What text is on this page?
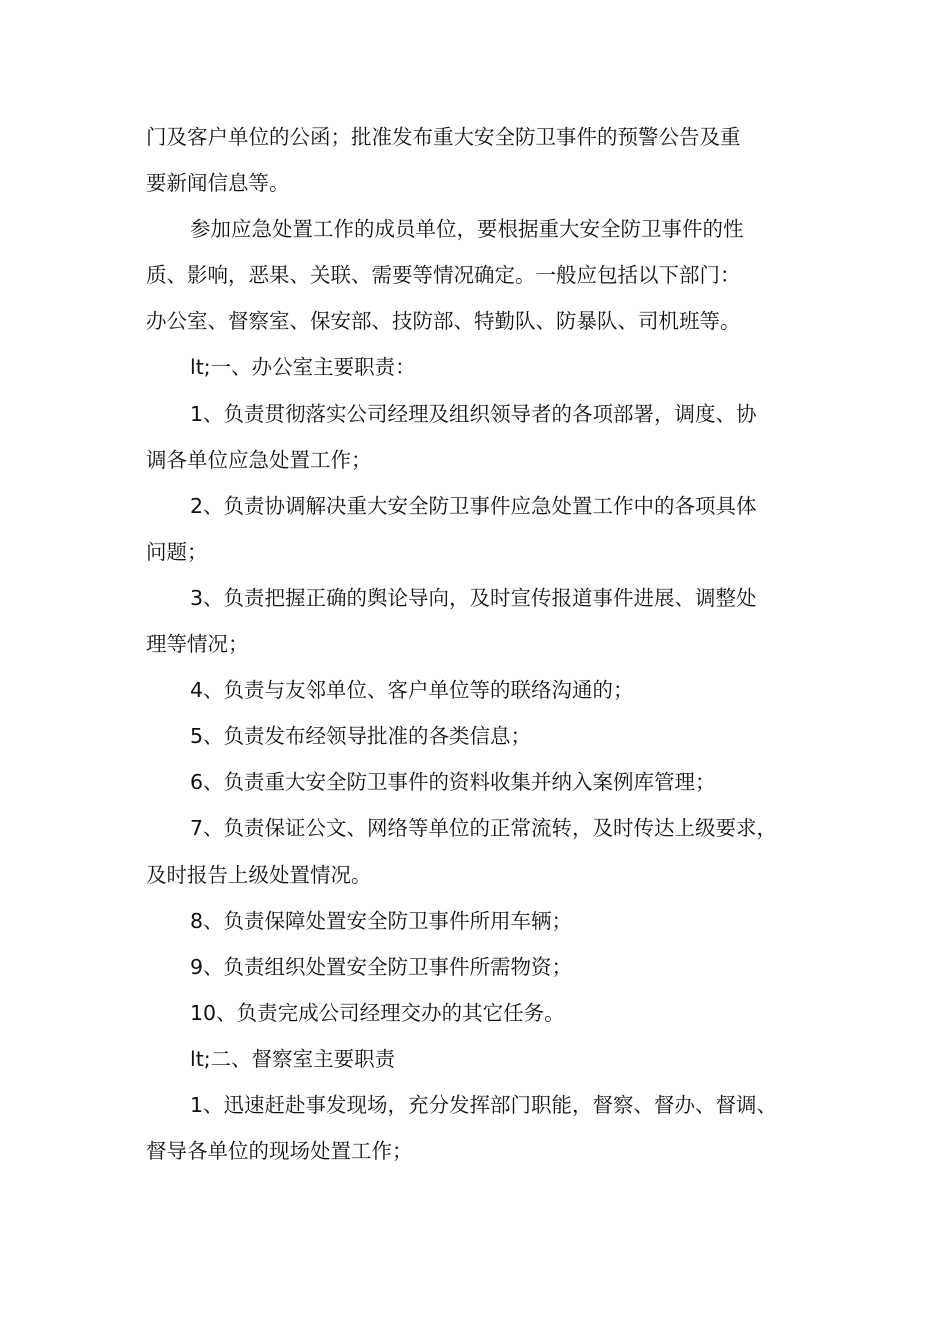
门及客户单位的公函；批准发布重大安全防卫事件的预警公告及重
要新闻信息等。
参加应急处置工作的成员单位，要根据重大安全防卫事件的性
质、影响，恶果、关联、需要等情况确定。一般应包括以下部门：
办公室、督察室、保安部、技防部、特勤队、防暴队、司机班等。
lt;一、办公室主要职责：
1、负责贯彻落实公司经理及组织领导者的各项部署，调度、协
调各单位应急处置工作；
2、负责协调解决重大安全防卫事件应急处置工作中的各项具体
问题；
3、负责把握正确的舆论导向，及时宣传报道事件进展、调整处
理等情况；
4、负责与友邻单位、客户单位等的联络沟通的；
5、负责发布经领导批准的各类信息；
6、负责重大安全防卫事件的资料收集并纳入案例库管理；
7、负责保证公文、网络等单位的正常流转，及时传达上级要求，
及时报告上级处置情况。
8、负责保障处置安全防卫事件所用车辆；
9、负责组织处置安全防卫事件所需物资；
10、负责完成公司经理交办的其它任务。
lt;二、督察室主要职责
1、迅速赶赴事发现场，充分发挥部门职能，督察、督办、督调、
督导各单位的现场处置工作；
